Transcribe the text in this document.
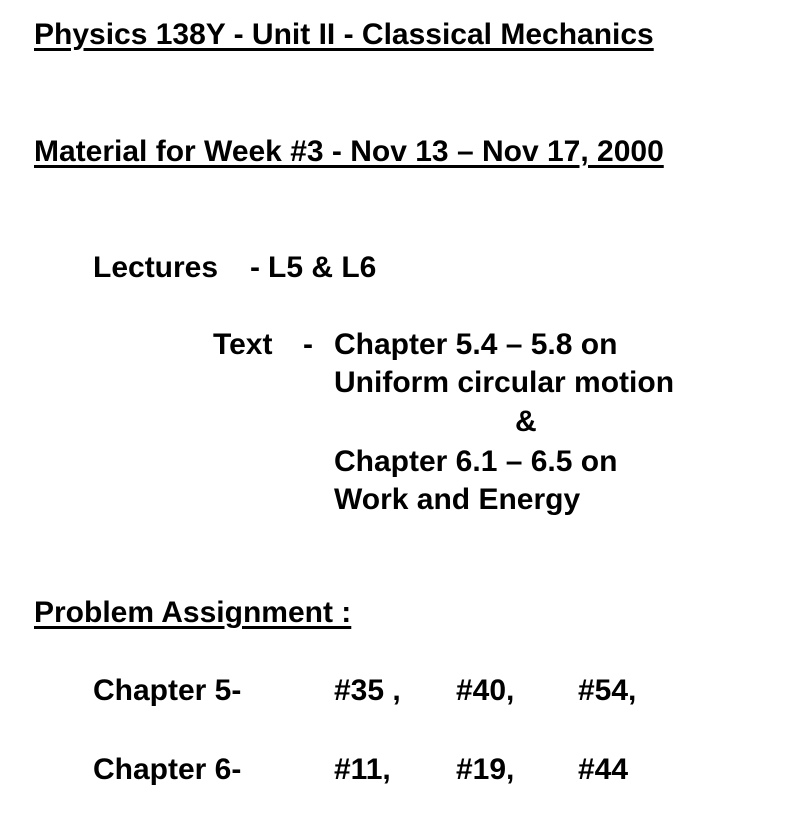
Physics 138Y - Unit II - Classical Mechanics
Material for Week #3 - Nov 13 – Nov 17, 2000
Lectures - L5 & L6
Text - Chapter 5.4 – 5.8 on
Uniform circular motion
&
Chapter 6.1 – 6.5 on
Work and Energy
Problem Assignment :
Chapter 5-	#35 , #40, #54,
Chapter 6-	#11, #19, #44
